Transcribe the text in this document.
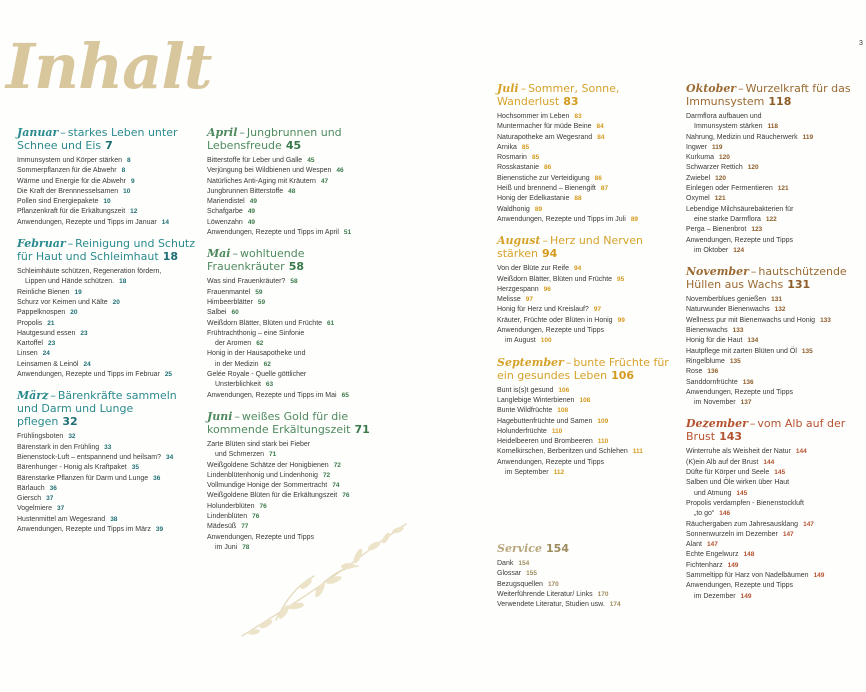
3
Inhalt
Januar – starkes Leben unter Schnee und Eis 7
Immunsystem und Körper stärken 8
Sommerpflanzen für die Abwehr 8
Wärme und Energie für die Abwehr 9
Die Kraft der Brennnesselsamen 10
Pollen sind Energiepakete 10
Pflanzenkraft für die Erkältungszeit 12
Anwendungen, Rezepte und Tipps im Januar 14
Februar – Reinigung und Schutz für Haut und Schleimhaut 18
Schleimhäute schützen, Regeneration fördern,
Lippen und Hände schützen. 18
Reinliche Bienen 19
Schurz vor Keimen und Kälte 20
Pappelknospen 20
Propolis 21
Hautgesund essen 23
Kartoffel 23
Linsen 24
Leinsamen & Leinöl 24
Anwendungen, Rezepte und Tipps im Februar 25
März – Bärenkräfte sammeln und Darm und Lunge pflegen 32
Frühlingsboten 32
Bärenstark in den Frühling 33
Bienenstock-Luft – entspannend und heilsam? 34
Bärenhunger - Honig als Kraftpaket 35
Bärenstarke Pflanzen für Darm und Lunge 36
Bärlauch 36
Giersch 37
Vogelmiere 37
Hustenmittel am Wegesrand 38
Anwendungen, Rezepte und Tipps im März 39
April – Jungbrunnen und Lebensfreude 45
Bitterstoffe für Leber und Galle 45
Verjüngung bei Wildbienen und Wespen 46
Natürliches Anti-Aging mit Kräutern 47
Jungbrunnen Bitterstoffe 48
Mariendistel 49
Schafgarbe 49
Löwenzahn 49
Anwendungen, Rezepte und Tipps im April 51
Mai – wohltuende Frauenkräuter 58
Was sind Frauenkräuter? 58
Frauenmantel 59
Himbeerblätter 59
Salbei 60
Weißdorn Blätter, Blüten und Früchte 61
Frühtrachthonig – eine Sinfonie
der Aromen 62
Honig in der Hausapotheke und
in der Medizin 62
Gelée Royale - Quelle göttlicher
Unsterblichkeit 63
Anwendungen, Rezepte und Tipps im Mai 65
Juni – weißes Gold für die kommende Erkältungszeit 71
Zarte Blüten sind stark bei Fieber
und Schmerzen 71
Weißgoldene Schätze der Honigbienen 72
Lindenblütenhonig und Lindenhonig 72
Vollmundige Honige der Sommertracht 74
Weißgoldene Blüten für die Erkältungszeit 76
Holunderblüten 76
Lindenblüten 76
Mädesüß 77
Anwendungen, Rezepte und Tipps
im Juni 78
Juli – Sommer, Sonne, Wanderlust 83
Hochsommer im Leben 83
Muntermacher für müde Beine 84
Naturapotheke am Wegesrand 84
Arnika 85
Rosmarin 85
Rosskastanie 86
Bienenstiche zur Verteidigung 86
Heiß und brennend – Bienengift 87
Honig der Edelkastanie 88
Waldhonig 89
Anwendungen, Rezepte und Tipps im Juli 89
August – Herz und Nerven stärken 94
Von der Blüte zur Reife 94
Weißdorn Blätter, Blüten und Früchte 95
Herzgespann 96
Melisse 97
Honig für Herz und Kreislauf? 97
Kräuter, Früchte oder Blüten in Honig 99
Anwendungen, Rezepte und Tipps
im August 100
September – bunte Früchte für ein gesundes Leben 106
Bunt is(s)t gesund 106
Langlebige Winterbienen 108
Bunte Wildfrüchte 108
Hagebuttenfrüchte und Samen 109
Holunderfrüchte 110
Heidelbeeren und Brombeeren 110
Kornelkirschen, Berberitzen und Schlehen 111
Anwendungen, Rezepte und Tipps
im September 112
Service 154
Dank 154
Glossar 155
Bezugsquellen 170
Weiterführende Literatur/ Links 170
Verwendete Literatur, Studien usw. 174
Oktober – Wurzelkraft für das Immunsystem 118
Darmflora aufbauen und
Immunsystem stärken 118
Nahrung, Medizin und Räucherwerk 119
Ingwer 119
Kurkuma 120
Schwarzer Rettich 120
Zwiebel 120
Einlegen oder Fermentieren 121
Oxymel 121
Lebendige Milchsäurebakterien für
eine starke Darmflora 122
Perga – Bienenbrot 123
Anwendungen, Rezepte und Tipps
im Oktober 124
November – hautschützende Hüllen aus Wachs 131
Novemberblues genießen 131
Naturwunder Bienenwachs 132
Wellness pur mit Bienenwachs und Honig 133
Bienenwachs 133
Honig für die Haut 134
Hautpflege mit zarten Blüten und Öl 135
Ringelblume 135
Rose 136
Sanddornfrüchte 136
Anwendungen, Rezepte und Tipps
im November 137
Dezember – vom Alb auf der Brust 143
Winterruhe als Weisheit der Natur 144
(K)ein Alb auf der Brust 144
Düfte für Körper und Seele 145
Salben und Öle wirken über Haut
und Atmung 145
Propolis verdampfen - Bienenstockluft
„to go“ 146
Räuchergaben zum Jahresausklang 147
Sonnenwurzeln im Dezember 147
Alant 147
Echte Engelwurz 148
Fichtenharz 149
Sammeltipp für Harz von Nadelbäumen 149
Anwendungen, Rezepte und Tipps
im Dezember 149
